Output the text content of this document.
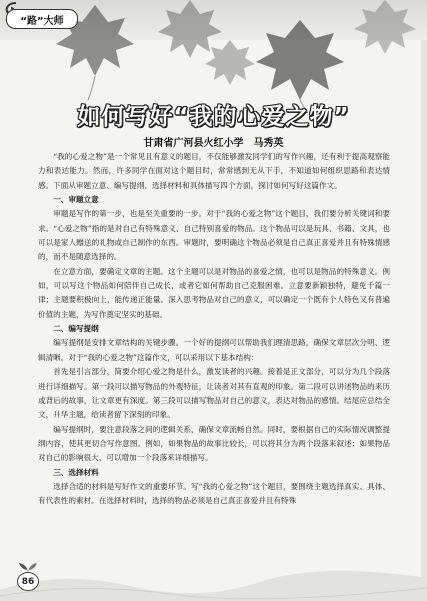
“路”大师
如何写好“我的心爱之物”
甘肃省广河县火红小学　马秀英

“我的心爱之物”是一个常见且有意义的题目，不仅能够激发同学们的写作兴趣，还有利于提高观察能力和表达能力。然而，许多同学在面对这个题目时，常常感到无从下手，不知道如何组织思路和表达情感。下面从审题立意、编写提纲、选择材料和具体描写四个方面，探讨如何写好这篇作文。

一、审题立意

审题是写作的第一步，也是至关重要的一步。对于“我的心爱之物”这个题目，我们要分析关键词和要求。“心爱之物”指的是对自己有特殊意义、自己特别喜爱的物品。这个物品可以是玩具、书籍、文具，也可以是家人赠送的礼物或自己制作的东西。审题时，要明确这个物品必须是自己真正喜爱并且有特殊情感的，而不是随意选择的。

在立意方面，要确定文章的主题。这个主题可以是对物品的喜爱之情，也可以是物品的特殊意义。例如，可以写这个物品如何陪伴自己成长，或者它如何帮助自己克服困难。立意要新颖独特，避免千篇一律；主题要积极向上，能传递正能量。深入思考物品对自己的意义，可以确定一个既有个人特色又有普遍价值的主题，为写作奠定坚实的基础。

二、编写提纲

编写提纲是安排文章结构的关键步骤。一个好的提纲可以帮助我们理清思路，确保文章层次分明、逻辑清晰。对于“我的心爱之物”这篇作文，可以采用以下基本结构：

首先是引言部分，简要介绍心爱之物是什么，激发读者的兴趣。接着是正文部分，可以分为几个段落进行详细描写。第一段可以描写物品的外观特征，让读者对其有直观的印象。第二段可以讲述物品的来历或背后的故事，让文章更有深度。第三段可以描写物品对自己的意义，表达对物品的感情。结尾应总结全文，升华主题，给读者留下深刻的印象。

编写提纲时，要注意段落之间的逻辑关系，确保文章流畅自然。同时，要根据自己的实际情况调整提纲内容，使其更切合写作意图。例如，如果物品的故事比较长，可以将其分为两个段落来叙述；如果物品对自己的影响很大，可以增加一个段落来详细描写。

三、选择材料

选择合适的材料是写好作文的重要环节。写“我的心爱之物”这个题目，要围绕主题选择真实、具体、有代表性的素材。在选择材料时，选择的物品必须是自己真正喜爱并且有特殊

86
